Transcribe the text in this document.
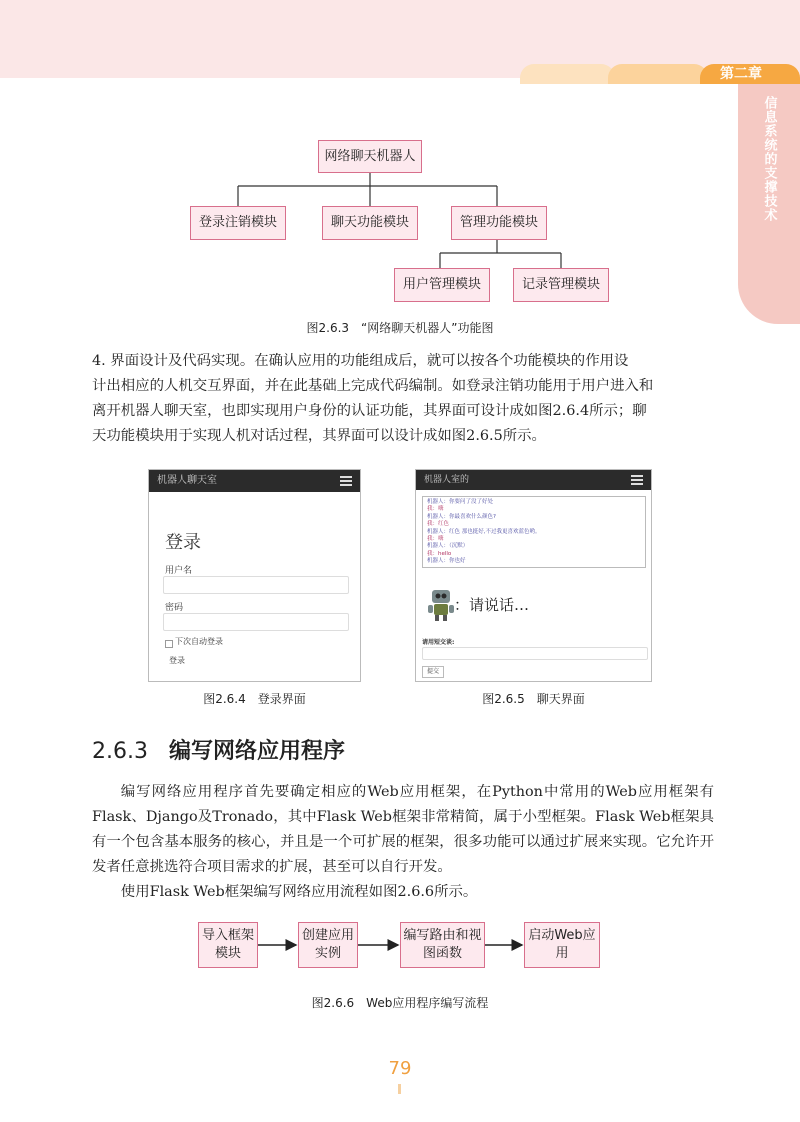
第二章
信息系统的支撑技术
网络聊天机器人
登录注销模块	聊天功能模块	管理功能模块
用户管理模块	记录管理模块
图2.6.3　“网络聊天机器人”功能图
4. 界面设计及代码实现。在确认应用的功能组成后，就可以按各个功能模块的作用设
计出相应的人机交互界面，并在此基础上完成代码编制。如登录注销功能用于用户进入和
离开机器人聊天室，也即实现用户身份的认证功能，其界面可设计成如图2.6.4所示；聊
天功能模块用于实现人机对话过程，其界面可以设计成如图2.6.5所示。
机器人聊天室
登录
用户名
密码
下次自动登录
登录
图2.6.4　登录界面
机器人室的
机器人：你要问了没了好处
我：嗨
机器人：你最喜欢什么颜色?
我：红色
机器人：红色 那也挺好,不过我更喜欢蓝色哟。
我：嗨
机器人：（沉默）
我：hello
机器人：你也好
：请说话…
请用短交谈:
提交
图2.6.5　聊天界面
2.6.3 编写网络应用程序
编写网络应用程序首先要确定相应的Web应用框架，在Python中常用的Web应用框架有Flask、Django及Tronado，其中Flask Web框架非常精简，属于小型框架。Flask Web框架具有一个包含基本服务的核心，并且是一个可扩展的框架，很多功能可以通过扩展来实现。它允许开发者任意挑选符合项目需求的扩展，甚至可以自行开发。
使用Flask Web框架编写网络应用流程如图2.6.6所示。
导入框架模块
创建应用实例
编写路由和视图函数
启动Web应用
图2.6.6　Web应用程序编写流程
79
